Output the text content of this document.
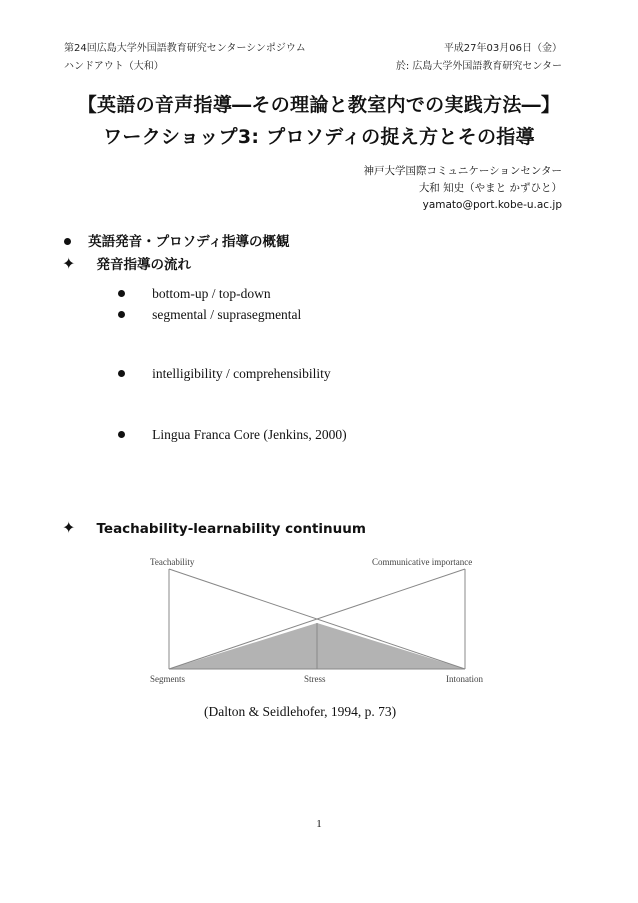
第24回広島大学外国語教育研究センターシンポジウム
ハンドアウト（大和）
平成27年03月06日（金）
於: 広島大学外国語教育研究センター
【英語の音声指導―その理論と教室内での実践方法―】
ワークショップ3: プロソディの捉え方とその指導
神戸大学国際コミュニケーションセンター
大和 知史（やまと かずひと）
yamato@port.kobe-u.ac.jp
英語発音・プロソディ指導の概観
✦ 発音指導の流れ
bottom-up / top-down
segmental / suprasegmental
intelligibility / comprehensibility
Lingua Franca Core (Jenkins, 2000)
✦ Teachability-learnability continuum
Teachability	Communicative importance
Segments	Stress	Intonation
(Dalton & Seidlehofer, 1994, p. 73)
1
